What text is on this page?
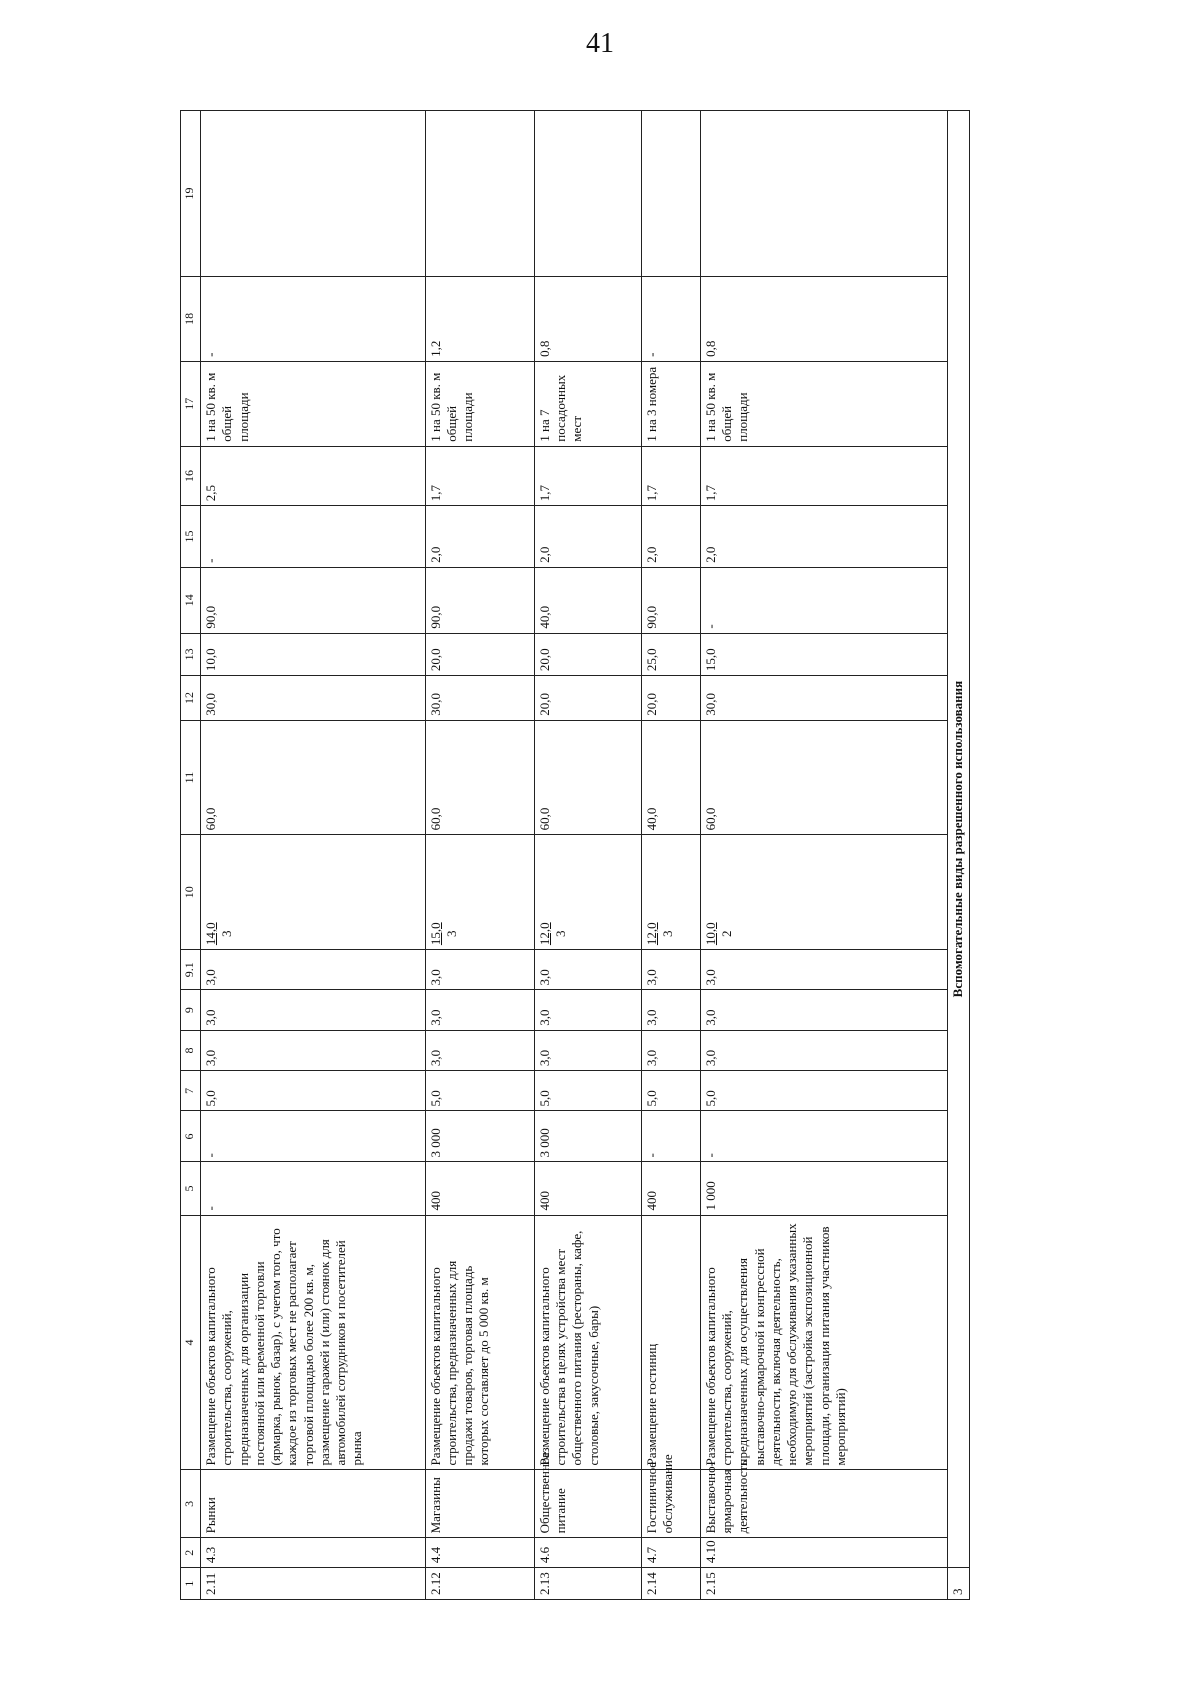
41
1	2	3	4	5	6	7	8	9	9.1	10	11	12	13	14	15	16	17	18	19
2.11	4.3	Рынки	Размещение объектов капитального строительства, сооружений, предназначенных для организации постоянной или временной торговли (ярмарка, рынок, базар), с учетом того, что каждое из торговых мест не располагает торговой площадью более 200 кв. м, размещение гаражей и (или) стоянок для автомобилей сотрудников и посетителей рынка	-	-	5,0	3,0	3,0	3,0	14,0 3	60,0	30,0	10,0	90,0	-	2,5	1 на 50 кв. м общей площади	-	
2.12	4.4	Магазины	Размещение объектов капитального строительства, предназначенных для продажи товаров, торговая площадь которых составляет до 5 000 кв. м	400	3 000	5,0	3,0	3,0	3,0	15,0 3	60,0	30,0	20,0	90,0	2,0	1,7	1 на 50 кв. м общей площади	1,2	
2.13	4.6	Общественное питание	Размещение объектов капитального строительства в целях устройства мест общественного питания (рестораны, кафе, столовые, закусочные, бары)	400	3 000	5,0	3,0	3,0	3,0	12,0 3	60,0	20,0	20,0	40,0	2,0	1,7	1 на 7 посадочных мест	0,8	
2.14	4.7	Гостиничное обслуживание	Размещение гостиниц	400	-	5,0	3,0	3,0	3,0	12,0 3	40,0	20,0	25,0	90,0	2,0	1,7	1 на 3 номера	-	
2.15	4.10	Выставочно-ярмарочная деятельность	Размещение объектов капитального строительства, сооружений, предназначенных для осуществления выставочно-ярмарочной и конгрессной деятельности, включая деятельность, необходимую для обслуживания указанных мероприятий (застройка экспозиционной площади, организация питания участников мероприятий)	1 000	-	5,0	3,0	3,0	3,0	10,0 2	60,0	30,0	15,0	-	2,0	1,7	1 на 50 кв. м общей площади	0,8	
3	Вспомогательные виды разрешенного использования																		
